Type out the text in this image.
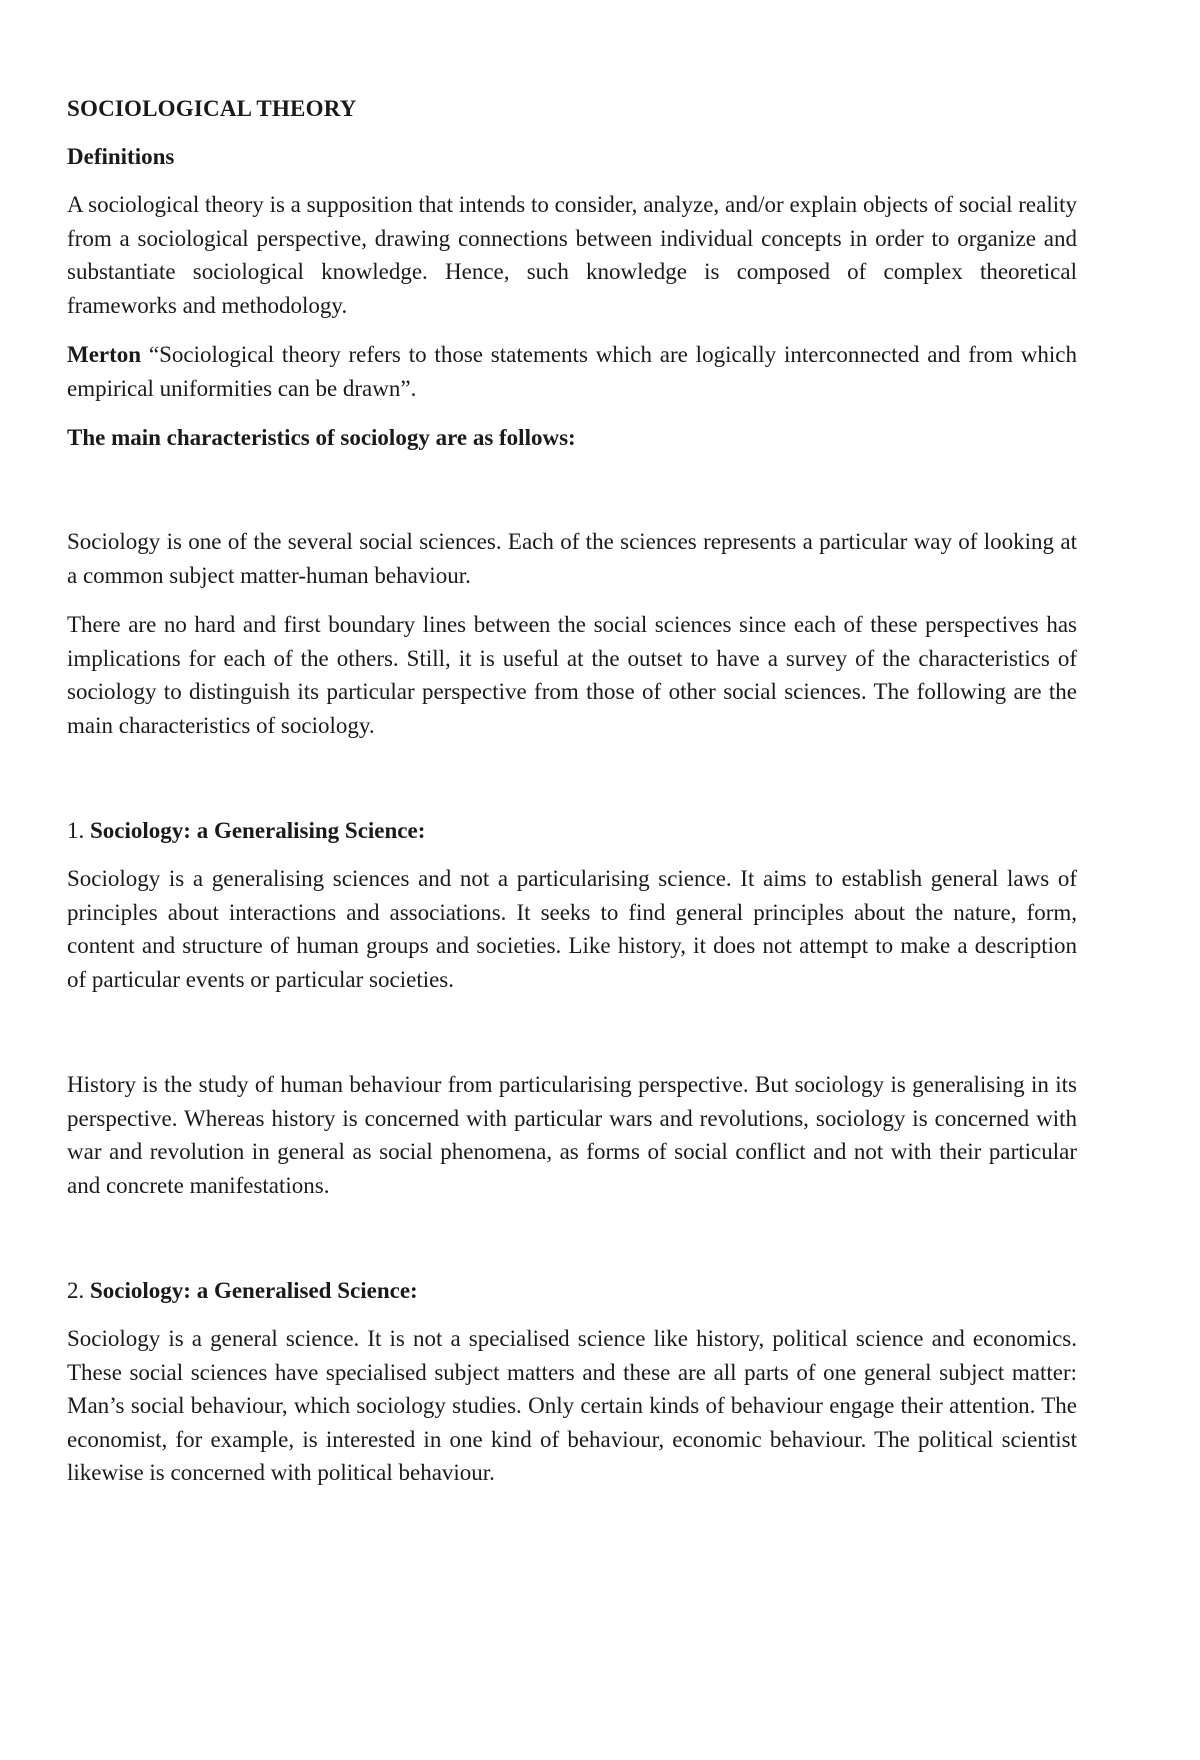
SOCIOLOGICAL THEORY
Definitions

A sociological theory is a supposition that intends to consider, analyze, and/or explain objects of social reality from a sociological perspective, drawing connections between individual concepts in order to organize and substantiate sociological knowledge. Hence, such knowledge is composed of complex theoretical frameworks and methodology.

Merton “Sociological theory refers to those statements which are logically interconnected and from which empirical uniformities can be drawn”.

The main characteristics of sociology are as follows:

Sociology is one of the several social sciences. Each of the sciences represents a particular way of looking at a common subject matter-human behaviour.

There are no hard and first boundary lines between the social sciences since each of these perspectives has implications for each of the others. Still, it is useful at the outset to have a survey of the characteristics of sociology to distinguish its particular perspective from those of other social sciences. The following are the main characteristics of sociology.

1. Sociology: a Generalising Science:

Sociology is a generalising sciences and not a particularising science. It aims to establish general laws of principles about interactions and associations. It seeks to find general principles about the nature, form, content and structure of human groups and societies. Like history, it does not attempt to make a description of particular events or particular societies.

History is the study of human behaviour from particularising perspective. But sociology is generalising in its perspective. Whereas history is concerned with particular wars and revolutions, sociology is concerned with war and revolution in general as social phenomena, as forms of social conflict and not with their particular and concrete manifestations.

2. Sociology: a Generalised Science:

Sociology is a general science. It is not a specialised science like history, political science and economics. These social sciences have specialised subject matters and these are all parts of one general subject matter: Man’s social behaviour, which sociology studies. Only certain kinds of behaviour engage their attention. The economist, for example, is interested in one kind of behaviour, economic behaviour. The political scientist likewise is concerned with political behaviour.
